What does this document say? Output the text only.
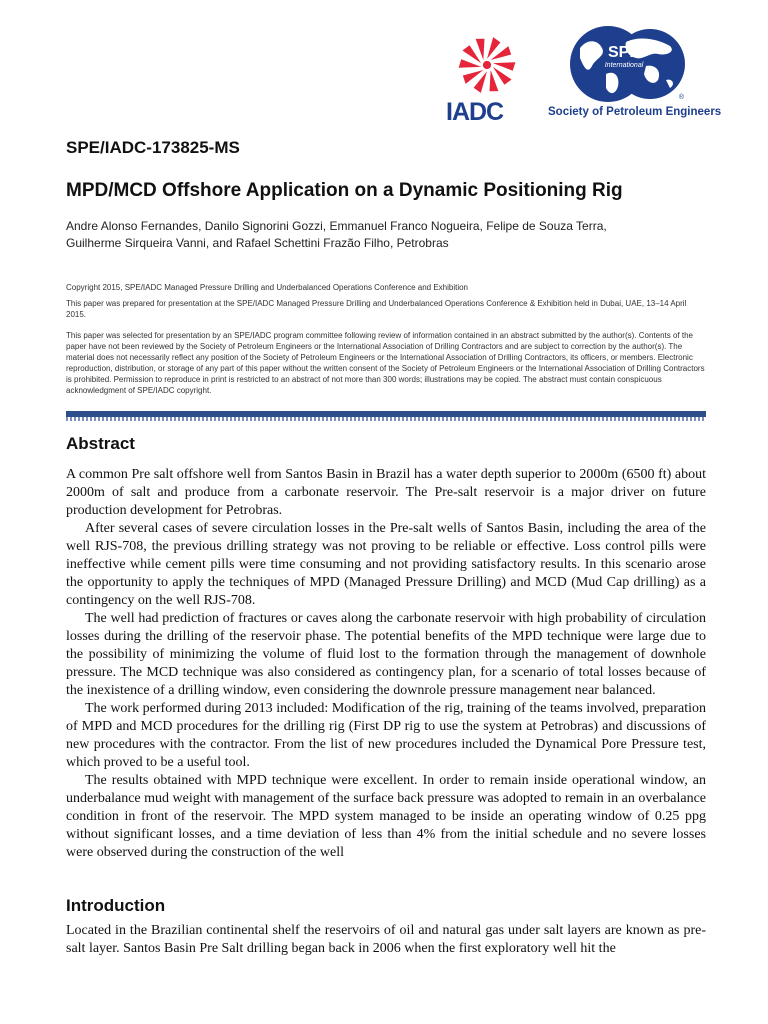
IADC
SPE
International
®
Society of Petroleum Engineers
SPE/IADC-173825-MS
MPD/MCD Offshore Application on a Dynamic Positioning Rig
Andre Alonso Fernandes, Danilo Signorini Gozzi, Emmanuel Franco Nogueira, Felipe de Souza Terra,
Guilherme Sirqueira Vanni, and Rafael Schettini Frazão Filho, Petrobras

Copyright 2015, SPE/IADC Managed Pressure Drilling and Underbalanced Operations Conference and Exhibition

This paper was prepared for presentation at the SPE/IADC Managed Pressure Drilling and Underbalanced Operations Conference & Exhibition held in Dubai, UAE, 13–14 April 2015.

This paper was selected for presentation by an SPE/IADC program committee following review of information contained in an abstract submitted by the author(s). Contents of the paper have not been reviewed by the Society of Petroleum Engineers or the International Association of Drilling Contractors and are subject to correction by the author(s). The material does not necessarily reflect any position of the Society of Petroleum Engineers or the International Association of Drilling Contractors, its officers, or members. Electronic reproduction, distribution, or storage of any part of this paper without the written consent of the Society of Petroleum Engineers or the International Association of Drilling Contractors is prohibited. Permission to reproduce in print is restricted to an abstract of not more than 300 words; illustrations may be copied. The abstract must contain conspicuous acknowledgment of SPE/IADC copyright.

Abstract

A common Pre salt offshore well from Santos Basin in Brazil has a water depth superior to 2000m (6500 ft) about 2000m of salt and produce from a carbonate reservoir. The Pre-salt reservoir is a major driver on future production development for Petrobras.

After several cases of severe circulation losses in the Pre-salt wells of Santos Basin, including the area of the well RJS-708, the previous drilling strategy was not proving to be reliable or effective. Loss control pills were ineffective while cement pills were time consuming and not providing satisfactory results. In this scenario arose the opportunity to apply the techniques of MPD (Managed Pressure Drilling) and MCD (Mud Cap drilling) as a contingency on the well RJS-708.

The well had prediction of fractures or caves along the carbonate reservoir with high probability of circulation losses during the drilling of the reservoir phase. The potential benefits of the MPD technique were large due to the possibility of minimizing the volume of fluid lost to the formation through the management of downhole pressure. The MCD technique was also considered as contingency plan, for a scenario of total losses because of the inexistence of a drilling window, even considering the downrole pressure management near balanced.

The work performed during 2013 included: Modification of the rig, training of the teams involved, preparation of MPD and MCD procedures for the drilling rig (First DP rig to use the system at Petrobras) and discussions of new procedures with the contractor. From the list of new procedures included the Dynamical Pore Pressure test, which proved to be a useful tool.

The results obtained with MPD technique were excellent. In order to remain inside operational window, an underbalance mud weight with management of the surface back pressure was adopted to remain in an overbalance condition in front of the reservoir. The MPD system managed to be inside an operating window of 0.25 ppg without significant losses, and a time deviation of less than 4% from the initial schedule and no severe losses were observed during the construction of the well

Introduction

Located in the Brazilian continental shelf the reservoirs of oil and natural gas under salt layers are known as pre-salt layer. Santos Basin Pre Salt drilling began back in 2006 when the first exploratory well hit the
